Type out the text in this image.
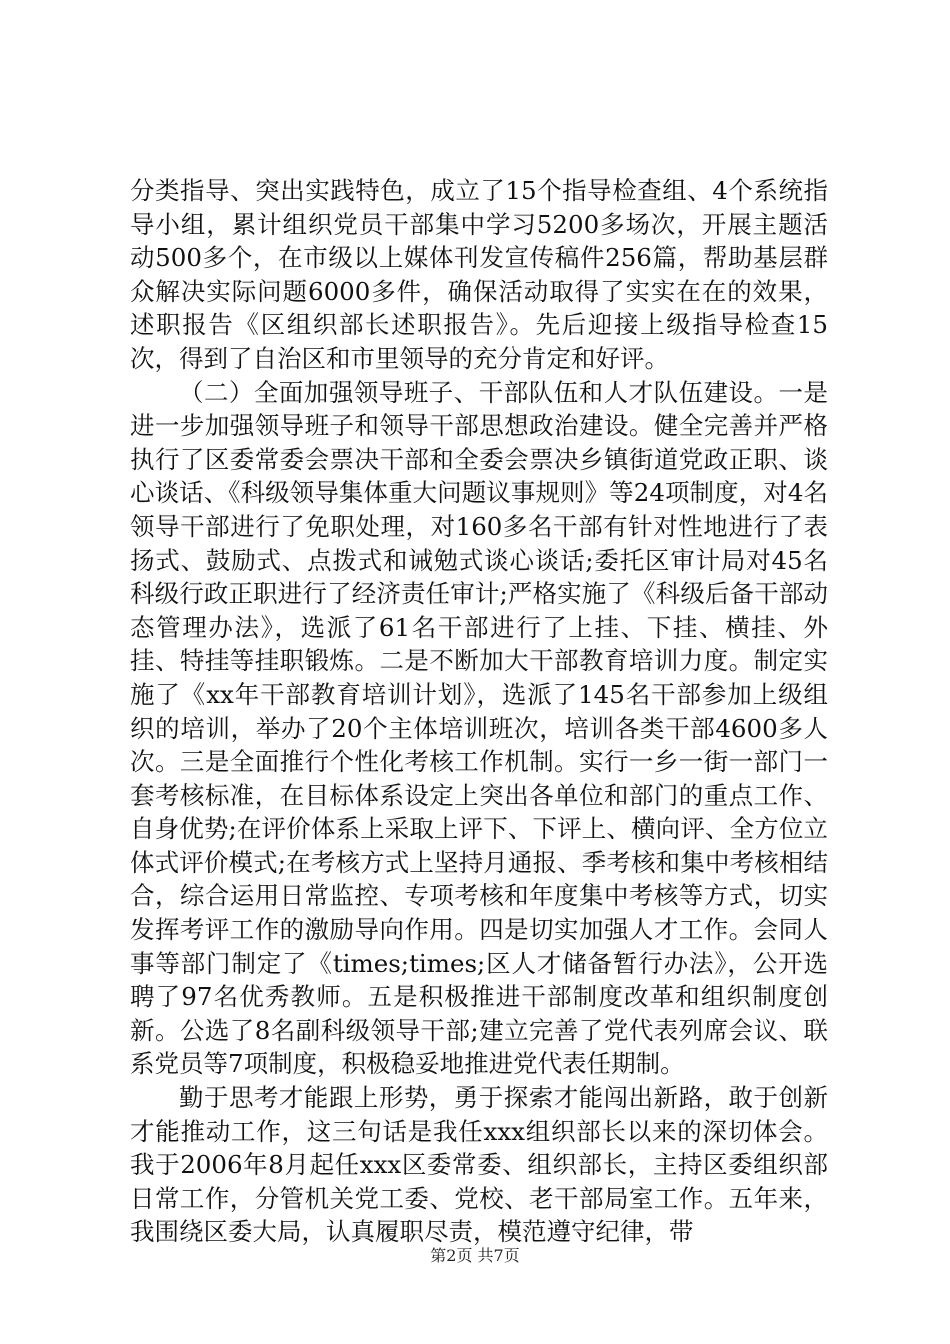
分类指导、突出实践特色，成立了15个指导检查组、4个系统指导小组，累计组织党员干部集中学习5200多场次，开展主题活动500多个，在市级以上媒体刊发宣传稿件256篇，帮助基层群众解决实际问题6000多件，确保活动取得了实实在在的效果，述职报告《区组织部长述职报告》。先后迎接上级指导检查15次，得到了自治区和市里领导的充分肯定和好评。

（二）全面加强领导班子、干部队伍和人才队伍建设。一是进一步加强领导班子和领导干部思想政治建设。健全完善并严格执行了区委常委会票决干部和全委会票决乡镇街道党政正职、谈心谈话、《科级领导集体重大问题议事规则》等24项制度，对4名领导干部进行了免职处理，对160多名干部有针对性地进行了表扬式、鼓励式、点拨式和诫勉式谈心谈话;委托区审计局对45名科级行政正职进行了经济责任审计;严格实施了《科级后备干部动态管理办法》，选派了61名干部进行了上挂、下挂、横挂、外挂、特挂等挂职锻炼。二是不断加大干部教育培训力度。制定实施了《xx年干部教育培训计划》，选派了145名干部参加上级组织的培训，举办了20个主体培训班次，培训各类干部4600多人次。三是全面推行个性化考核工作机制。实行一乡一街一部门一套考核标准，在目标体系设定上突出各单位和部门的重点工作、自身优势;在评价体系上采取上评下、下评上、横向评、全方位立体式评价模式;在考核方式上坚持月通报、季考核和集中考核相结合，综合运用日常监控、专项考核和年度集中考核等方式，切实发挥考评工作的激励导向作用。四是切实加强人才工作。会同人事等部门制定了《times;times;区人才储备暂行办法》，公开选聘了97名优秀教师。五是积极推进干部制度改革和组织制度创新。公选了8名副科级领导干部;建立完善了党代表列席会议、联系党员等7项制度，积极稳妥地推进党代表任期制。

勤于思考才能跟上形势，勇于探索才能闯出新路，敢于创新才能推动工作，这三句话是我任xxx组织部长以来的深切体会。我于2006年8月起任xxx区委常委、组织部长，主持区委组织部日常工作，分管机关党工委、党校、老干部局室工作。五年来，我围绕区委大局，认真履职尽责，模范遵守纪律，带

第2页 共7页
